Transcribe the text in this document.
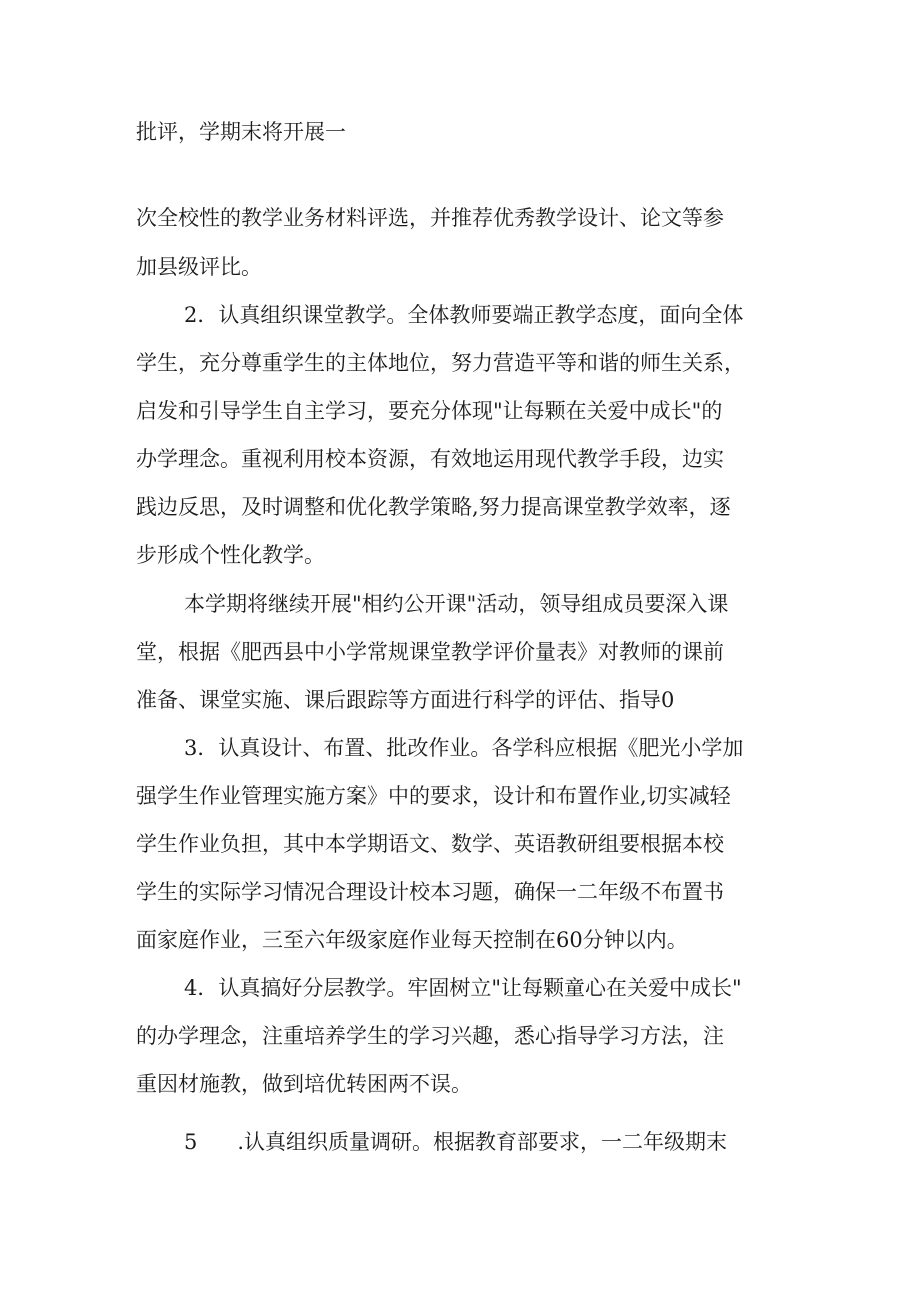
批评，学期末将开展一
次全校性的教学业务材料评选，并推荐优秀教学设计、论文等参
加县级评比。
2．认真组织课堂教学。全体教师要端正教学态度，面向全体
学生，充分尊重学生的主体地位，努力营造平等和谐的师生关系，
启发和引导学生自主学习，要充分体现"让每颗在关爱中成长"的
办学理念。重视利用校本资源，有效地运用现代教学手段，边实
践边反思，及时调整和优化教学策略,努力提高课堂教学效率，逐
步形成个性化教学。
本学期将继续开展"相约公开课"活动，领导组成员要深入课
堂，根据《肥西县中小学常规课堂教学评价量表》对教师的课前
准备、课堂实施、课后跟踪等方面进行科学的评估、指导0
3．认真设计、布置、批改作业。各学科应根据《肥光小学加
强学生作业管理实施方案》中的要求，设计和布置作业,切实减轻
学生作业负担，其中本学期语文、数学、英语教研组要根据本校
学生的实际学习情况合理设计校本习题，确保一二年级不布置书
面家庭作业，三至六年级家庭作业每天控制在60分钟以内。
4．认真搞好分层教学。牢固树立"让每颗童心在关爱中成长"
的办学理念，注重培养学生的学习兴趣，悉心指导学习方法，注
重因材施教，做到培优转困两不误。
5 .认真组织质量调研。根据教育部要求，一二年级期末
